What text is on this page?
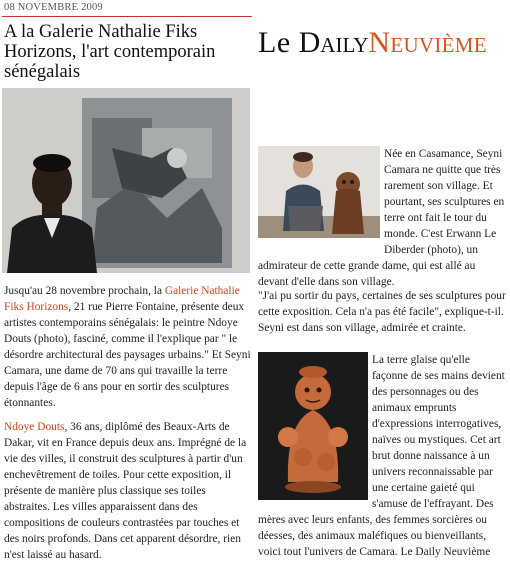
08 NOVEMBRE 2009
A la Galerie Nathalie Fiks Horizons, l'art contemporain sénégalais
Le DailyNeuvième

Jusqu'au 28 novembre prochain, la Galerie Nathalie Fiks Horizons, 21 rue Pierre Fontaine, présente deux artistes contemporains sénégalais: le peintre Ndoye Douts (photo), fasciné, comme il l'explique par " le désordre architectural des paysages urbains." Et Seyni Camara, une dame de 70 ans qui travaille la terre depuis l'âge de 6 ans pour en sortir des sculptures étonnantes.

Ndoye Douts, 36 ans, diplômé des Beaux-Arts de Dakar, vit en France depuis deux ans. Imprégné de la vie des villes, il construit des sculptures à partir d'un enchevêtrement de toiles. Pour cette exposition, il présente de manière plus classique ses toiles abstraites. Les villes apparaissent dans des compositions de couleurs contrastées par touches et des noirs profonds. Dans cet apparent désordre, rien n'est laissé au hasard.

Née en Casamance, Seyni Camara ne quitte que très rarement son village. Et pourtant, ses sculptures en terre ont fait le tour du monde. C'est Erwann Le Diberder (photo), un admirateur de cette grande dame, qui est allé au devant d'elle dans son village.
"J'ai pu sortir du pays, certaines de ses sculptures pour cette exposition. Cela n'a pas été facile", explique-t-il. Seyni est dans son village, admirée et crainte.
La terre glaise qu'elle façonne de ses mains devient des personnages ou des animaux emprunts d'expressions interrogatives, naïves ou mystiques. Cet art brut donne naissance à un univers reconnaissable par une certaine gaieté qui s'amuse de l'effrayant. Des mères avec leurs enfants, des femmes sorcières ou déesses, des animaux maléfiques ou bienveillants, voici tout l'univers de Camara. Le Daily Neuvième
